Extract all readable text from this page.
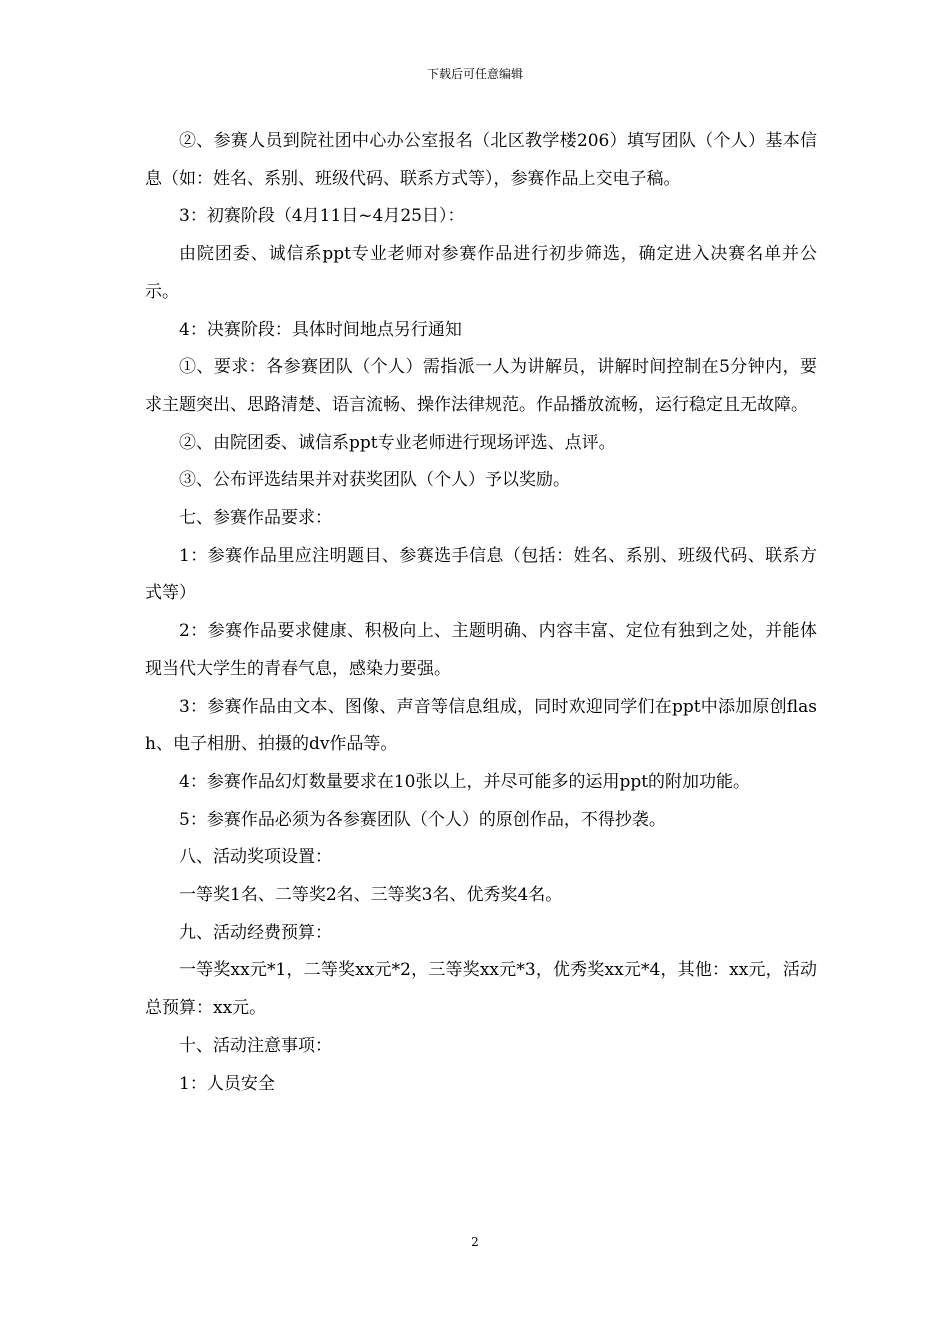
下载后可任意编辑

②、参赛人员到院社团中心办公室报名（北区教学楼206）填写团队（个人）基本信息（如：姓名、系别、班级代码、联系方式等），参赛作品上交电子稿。

3：初赛阶段（4月11日~4月25日）：

由院团委、诚信系ppt专业老师对参赛作品进行初步筛选，确定进入决赛名单并公示。

4：决赛阶段：具体时间地点另行通知

①、要求：各参赛团队（个人）需指派一人为讲解员，讲解时间控制在5分钟内，要求主题突出、思路清楚、语言流畅、操作法律规范。作品播放流畅，运行稳定且无故障。

②、由院团委、诚信系ppt专业老师进行现场评选、点评。

③、公布评选结果并对获奖团队（个人）予以奖励。

七、参赛作品要求：

1：参赛作品里应注明题目、参赛选手信息（包括：姓名、系别、班级代码、联系方式等）

2：参赛作品要求健康、积极向上、主题明确、内容丰富、定位有独到之处，并能体现当代大学生的青春气息，感染力要强。

3：参赛作品由文本、图像、声音等信息组成，同时欢迎同学们在ppt中添加原创flash、电子相册、拍摄的dv作品等。

4：参赛作品幻灯数量要求在10张以上，并尽可能多的运用ppt的附加功能。

5：参赛作品必须为各参赛团队（个人）的原创作品，不得抄袭。

八、活动奖项设置：

一等奖1名、二等奖2名、三等奖3名、优秀奖4名。

九、活动经费预算：

一等奖xx元*1，二等奖xx元*2，三等奖xx元*3，优秀奖xx元*4，其他：xx元，活动总预算：xx元。

十、活动注意事项：

1：人员安全

2
